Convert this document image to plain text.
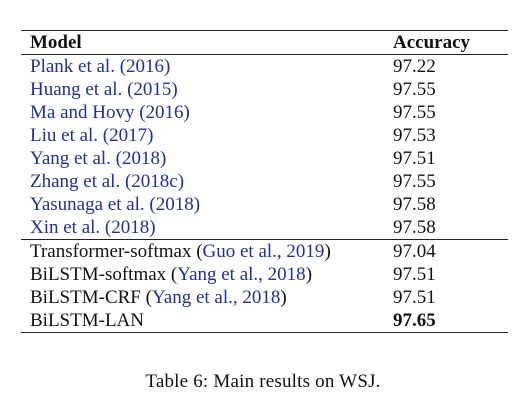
Model	Accuracy
Plank et al. (2016)	97.22
Huang et al. (2015)	97.55
Ma and Hovy (2016)	97.55
Liu et al. (2017)	97.53
Yang et al. (2018)	97.51
Zhang et al. (2018c)	97.55
Yasunaga et al. (2018)	97.58
Xin et al. (2018)	97.58
Transformer-softmax (Guo et al., 2019)	97.04
BiLSTM-softmax (Yang et al., 2018)	97.51
BiLSTM-CRF (Yang et al., 2018)	97.51
BiLSTM-LAN	97.65
Table 6: Main results on WSJ.
